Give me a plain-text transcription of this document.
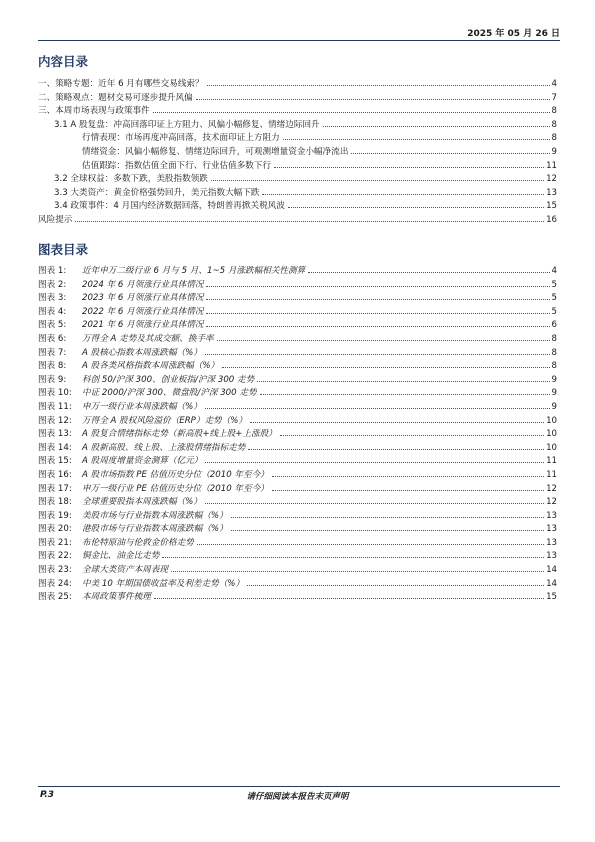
2025 年 05 月 26 日
内容目录
一、策略专题：近年 6 月有哪些交易线索？	4
二、策略观点：题材交易可逐步提升风偏	7
三、本周市场表现与政策事件	8
3.1 A 股复盘：冲高回落印证上方阻力、风偏小幅修复、情绪边际回升	8
行情表现：市场再度冲高回落，技术面印证上方阻力	8
情绪资金：风偏小幅修复、情绪边际回升，可观测增量资金小幅净流出	9
估值跟踪：指数估值全面下行、行业估值多数下行	11
3.2 全球权益：多数下跌，美股指数领跌	12
3.3 大类资产：黄金价格强势回升，美元指数大幅下跌	13
3.4 政策事件：4 月国内经济数据回落，特朗普再掀关税风波	15
风险提示	16
图表目录
图表 1: 近年申万二级行业 6 月与 5 月、1~5 月涨跌幅相关性测算	4
图表 2: 2024 年 6 月领涨行业具体情况	5
图表 3: 2023 年 6 月领涨行业具体情况	5
图表 4: 2022 年 6 月领涨行业具体情况	5
图表 5: 2021 年 6 月领涨行业具体情况	6
图表 6: 万得全 A 走势及其成交额、换手率	8
图表 7: A 股核心指数本周涨跌幅（%）	8
图表 8: A 股各类风格指数本周涨跌幅（%）	8
图表 9: 科创 50/沪深 300、创业板指/沪深 300 走势	9
图表 10: 中证 2000/沪深 300、微盘股/沪深 300 走势	9
图表 11: 申万一级行业本周涨跌幅（%）	9
图表 12: 万得全 A 股权风险溢价（ERP）走势（%）	10
图表 13: A 股复合情绪指标走势（新高股+线上股+上涨股）	10
图表 14: A 股新高股、线上股、上涨股情绪指标走势	10
图表 15: A 股周度增量资金测算（亿元）	11
图表 16: A 股市场指数 PE 估值历史分位（2010 年至今）	11
图表 17: 申万一级行业 PE 估值历史分位（2010 年至今）	12
图表 18: 全球重要股指本周涨跌幅（%）	12
图表 19: 美股市场与行业指数本周涨跌幅（%）	13
图表 20: 港股市场与行业指数本周涨跌幅（%）	13
图表 21: 布伦特原油与伦敦金价格走势	13
图表 22: 铜金比、油金比走势	13
图表 23: 全球大类资产本周表现	14
图表 24: 中美 10 年期国债收益率及利差走势（%）	14
图表 25: 本周政策事件梳理	15
P.3	请仔细阅读本报告末页声明
